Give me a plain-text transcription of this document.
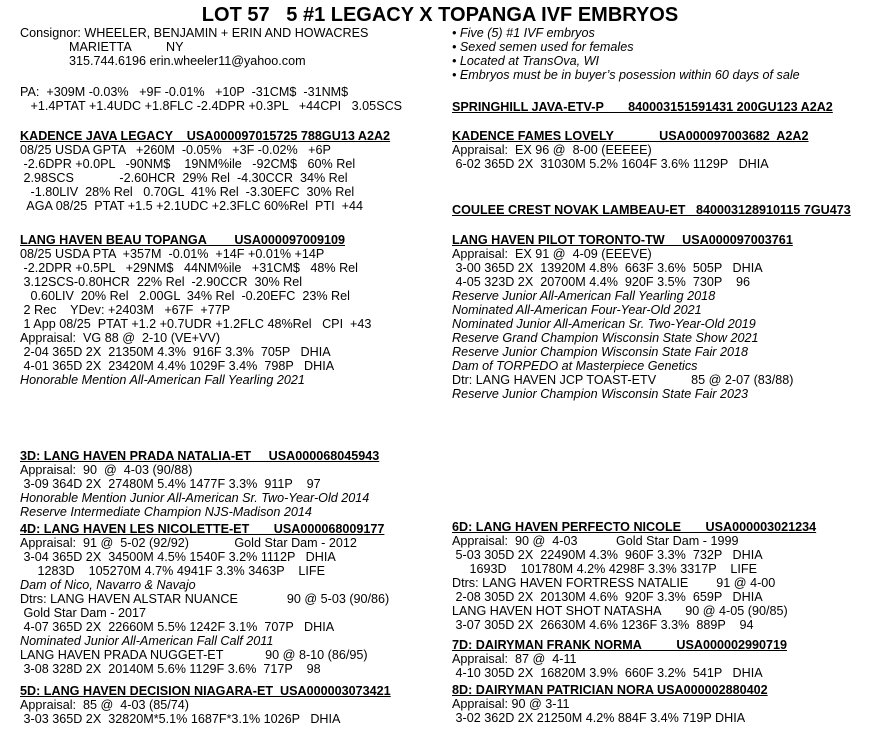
LOT 57   5 #1 LEGACY X TOPANGA IVF EMBRYOS
Consignor: WHEELER, BENJAMIN + ERIN AND HOWACRES
MARIETTA          NY
315.744.6196 erin.wheeler11@yahoo.com
PA:  +309M -0.03%   +9F -0.01%   +10P  -31CM$  -31NM$
+1.4PTAT +1.4UDC +1.8FLC -2.4DPR +0.3PL   +44CPI   3.05SCS
KADENCE JAVA LEGACY    USA000097015725 788GU13 A2A2
08/25 USDA GPTA   +260M  -0.05%   +3F -0.02%   +6P
-2.6DPR +0.0PL   -90NM$    19NM%ile   -92CM$   60% Rel
2.98SCS             -2.60HCR  29% Rel  -4.30CCR  34% Rel
-1.80LIV  28% Rel   0.70GL  41% Rel  -3.30EFC  30% Rel
AGA 08/25  PTAT +1.5 +2.1UDC +2.3FLC 60%Rel  PTI  +44
LANG HAVEN BEAU TOPANGA        USA000097009109
08/25 USDA PTA  +357M  -0.01%  +14F +0.01% +14P
-2.2DPR +0.5PL   +29NM$   44NM%ile   +31CM$   48% Rel
3.12SCS-0.80HCR  22% Rel  -2.90CCR  30% Rel
0.60LIV  20% Rel   2.00GL  34% Rel  -0.20EFC  23% Rel
2 Rec    YDev: +2403M   +67F  +77P
1 App 08/25  PTAT +1.2 +0.7UDR +1.2FLC 48%Rel   CPI  +43
Appraisal:  VG 88 @  2-10 (VE+VV)
2-04 365D 2X  21350M 4.3%  916F 3.3%  705P   DHIA
4-01 365D 2X  23420M 4.4% 1029F 3.4%  798P   DHIA
Honorable Mention All-American Fall Yearling 2021
3D: LANG HAVEN PRADA NATALIA-ET     USA000068045943
Appraisal:  90  @  4-03 (90/88)
3-09 364D 2X  27480M 5.4% 1477F 3.3%  911P    97
Honorable Mention Junior All-American Sr. Two-Year-Old 2014
Reserve Intermediate Champion NJS-Madison 2014
4D: LANG HAVEN LES NICOLETTE-ET       USA000068009177
Appraisal:  91 @  5-02 (92/92)             Gold Star Dam - 2012
3-04 365D 2X  34500M 4.5% 1540F 3.2% 1112P   DHIA
1283D    105270M 4.7% 4941F 3.3% 3463P    LIFE
Dam of Nico, Navarro & Navajo
Dtrs: LANG HAVEN ALSTAR NUANCE              90 @ 5-03 (90/86)
Gold Star Dam - 2017
4-07 365D 2X  22660M 5.5% 1242F 3.1%  707P   DHIA
Nominated Junior All-American Fall Calf 2011
LANG HAVEN PRADA NUGGET-ET            90 @ 8-10 (86/95)
3-08 328D 2X  20140M 5.6% 1129F 3.6%  717P    98
5D: LANG HAVEN DECISION NIAGARA-ET  USA000003073421
Appraisal:  85 @  4-03 (85/74)
3-03 365D 2X  32820M*5.1% 1687F*3.1% 1026P   DHIA
• Five (5) #1 IVF embryos
• Sexed semen used for females
• Located at TransOva, WI
• Embryos must be in buyer’s posession within 60 days of sale
SPRINGHILL JAVA-ETV-P       840003151591431 200GU123 A2A2
KADENCE FAMES LOVELY             USA000097003682  A2A2
Appraisal:  EX 96 @  8-00 (EEEEE)
6-02 365D 2X  31030M 5.2% 1604F 3.6% 1129P   DHIA
COULEE CREST NOVAK LAMBEAU-ET   840003128910115 7GU473
LANG HAVEN PILOT TORONTO-TW     USA000097003761
Appraisal:  EX 91 @  4-09 (EEEVE)
3-00 365D 2X  13920M 4.8%  663F 3.6%  505P   DHIA
4-05 323D 2X  20700M 4.4%  920F 3.5%  730P    96
Reserve Junior All-American Fall Yearling 2018
Nominated All-American Four-Year-Old 2021
Nominated Junior All-American Sr. Two-Year-Old 2019
Reserve Grand Champion Wisconsin State Show 2021
Reserve Junior Champion Wisconsin State Fair 2018
Dam of TORPEDO at Masterpiece Genetics
Dtr: LANG HAVEN JCP TOAST-ETV          85 @ 2-07 (83/88)
Reserve Junior Champion Wisconsin State Fair 2023
6D: LANG HAVEN PERFECTO NICOLE       USA000003021234
Appraisal:  90 @  4-03           Gold Star Dam - 1999
5-03 305D 2X  22490M 4.3%  960F 3.3%  732P   DHIA
1693D    101780M 4.2% 4298F 3.3% 3317P    LIFE
Dtrs: LANG HAVEN FORTRESS NATALIE        91 @ 4-00
2-08 305D 2X  20130M 4.6%  920F 3.3%  659P   DHIA
LANG HAVEN HOT SHOT NATASHA       90 @ 4-05 (90/85)
3-07 305D 2X  26630M 4.6% 1236F 3.3%  889P    94
7D: DAIRYMAN FRANK NORMA          USA000002990719
Appraisal:  87 @  4-11
4-10 305D 2X  16820M 3.9%  660F 3.2%  541P   DHIA
8D: DAIRYMAN PATRICIAN NORA USA000002880402
Appraisal: 90 @ 3-11
3-02 362D 2X 21250M 4.2% 884F 3.4% 719P DHIA
